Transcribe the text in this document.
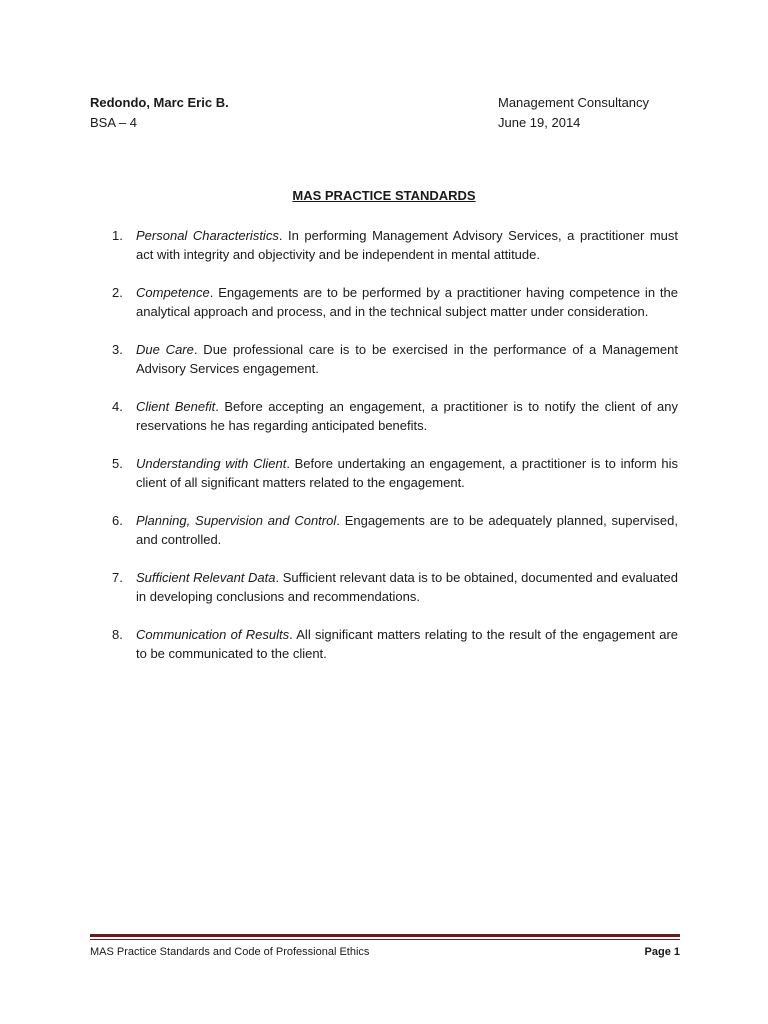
Redondo, Marc Eric B.
BSA – 4
Management Consultancy
June 19, 2014
MAS PRACTICE STANDARDS
1. Personal Characteristics. In performing Management Advisory Services, a practitioner must act with integrity and objectivity and be independent in mental attitude.
2. Competence. Engagements are to be performed by a practitioner having competence in the analytical approach and process, and in the technical subject matter under consideration.
3. Due Care. Due professional care is to be exercised in the performance of a Management Advisory Services engagement.
4. Client Benefit. Before accepting an engagement, a practitioner is to notify the client of any reservations he has regarding anticipated benefits.
5. Understanding with Client. Before undertaking an engagement, a practitioner is to inform his client of all significant matters related to the engagement.
6. Planning, Supervision and Control. Engagements are to be adequately planned, supervised, and controlled.
7. Sufficient Relevant Data. Sufficient relevant data is to be obtained, documented and evaluated in developing conclusions and recommendations.
8. Communication of Results. All significant matters relating to the result of the engagement are to be communicated to the client.
MAS Practice Standards and Code of Professional Ethics	Page 1
